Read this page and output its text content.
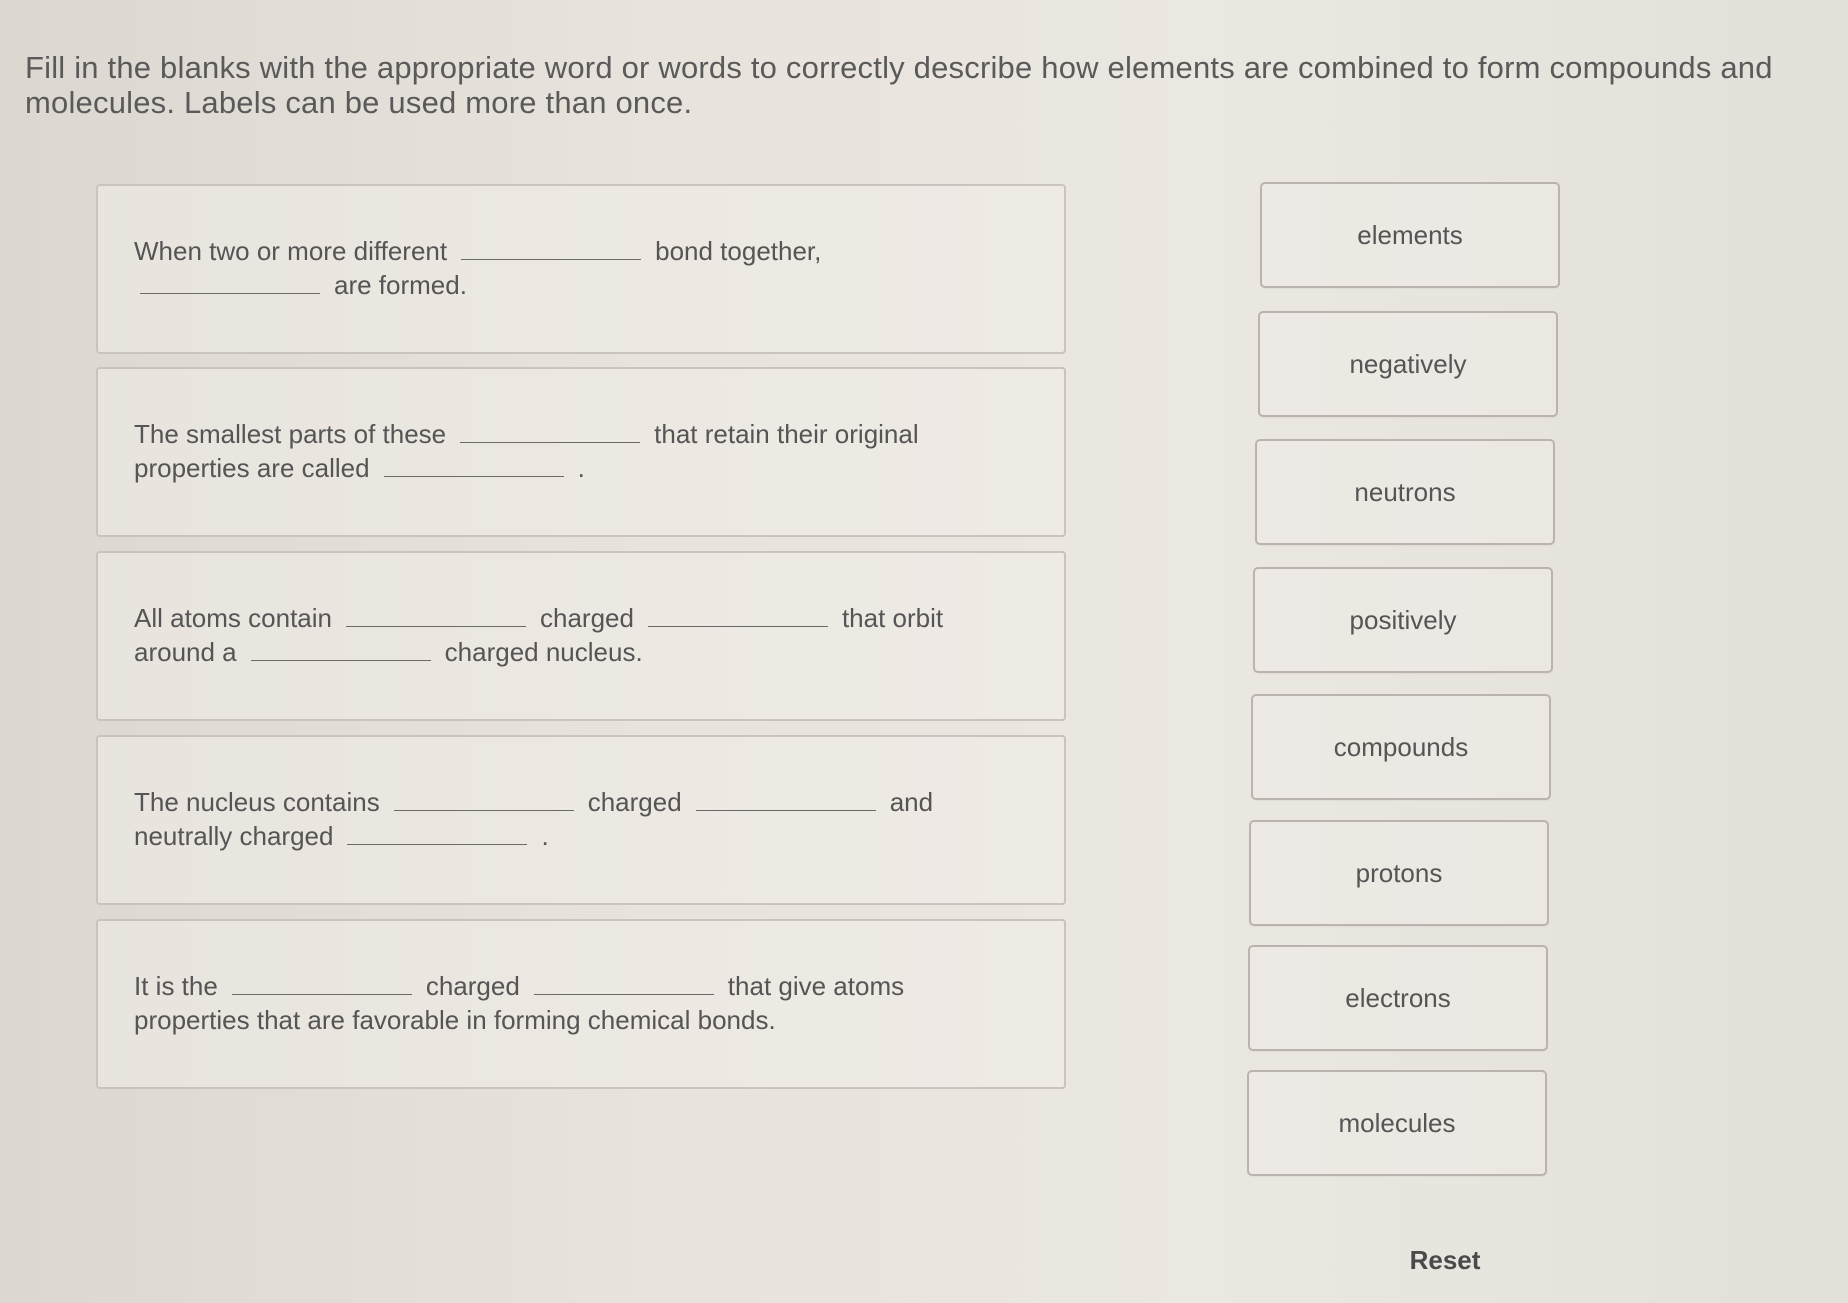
Fill in the blanks with the appropriate word or words to correctly describe how elements are combined to form compounds and molecules. Labels can be used more than once.
When two or more different	bond together,
are formed.
The smallest parts of these	that retain their original
properties are called	.
All atoms contain	charged	that orbit
around a	charged nucleus.
The nucleus contains	charged	and
neutrally charged	.
It is the	charged	that give atoms
properties that are favorable in forming chemical bonds.
elements
negatively
neutrons
positively
compounds
protons
electrons
molecules
Reset
